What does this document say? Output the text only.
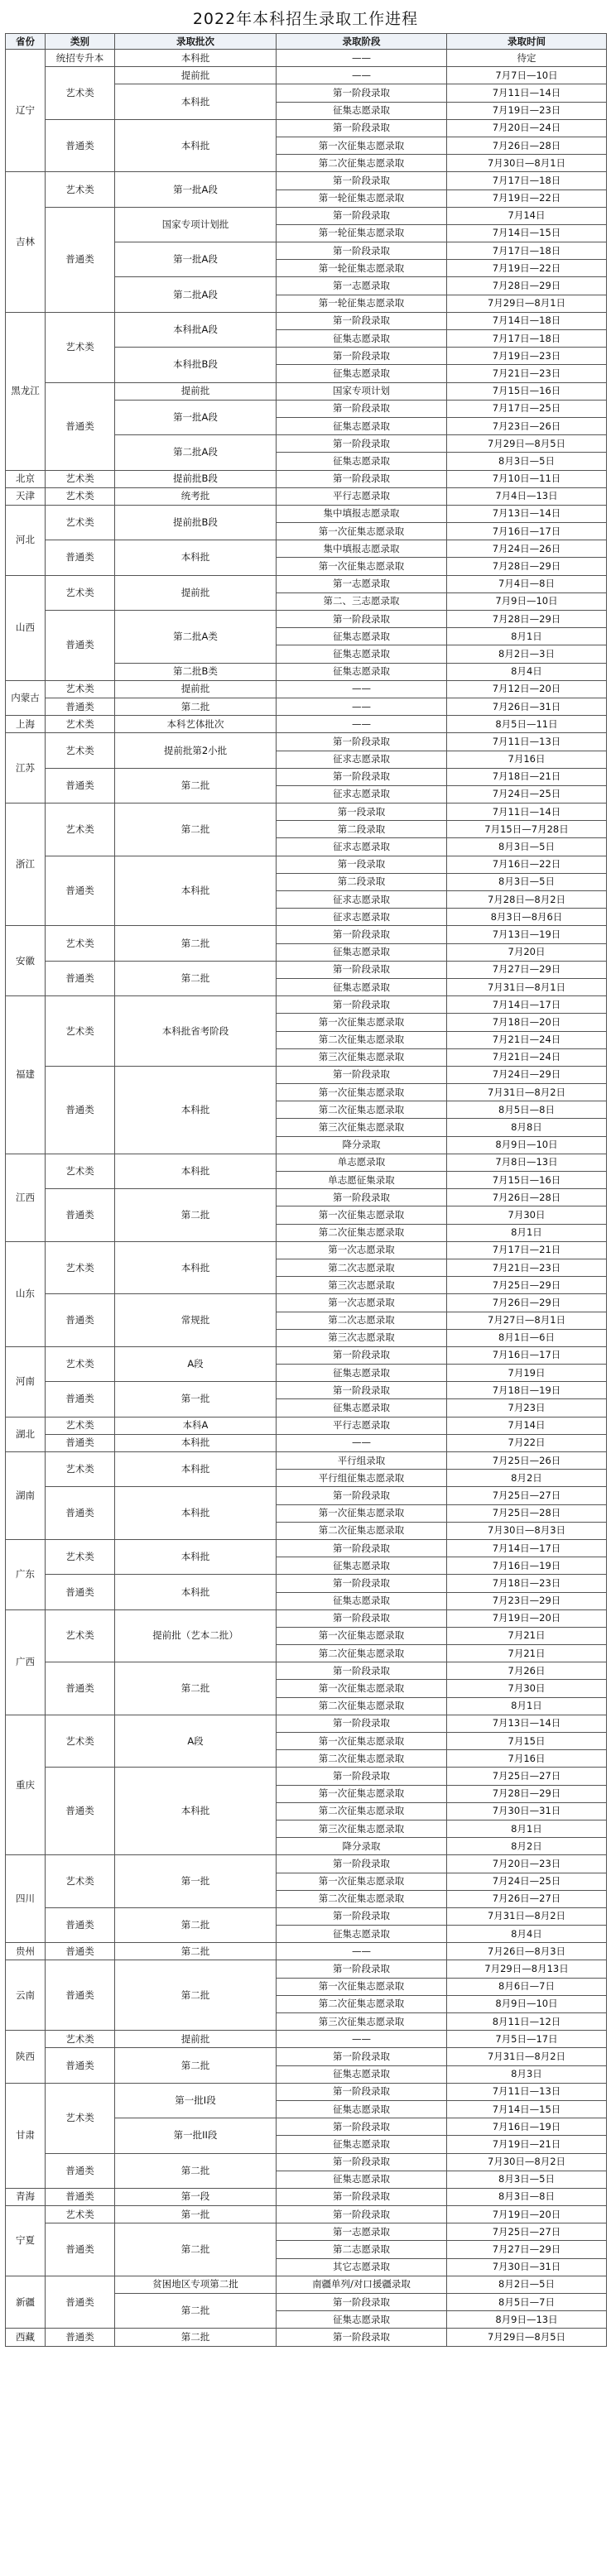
2022年本科招生录取工作进程
省份	类别	录取批次	录取阶段	录取时间
辽宁	统招专升本	本科批	——	待定
	艺术类	提前批	——	7月7日—10日
		本科批	第一阶段录取	7月11日—14日
			征集志愿录取	7月19日—23日
	普通类	本科批	第一阶段录取	7月20日—24日
			第一次征集志愿录取	7月26日—28日
			第二次征集志愿录取	7月30日—8月1日
吉林	艺术类	第一批A段	第一阶段录取	7月17日—18日
			第一轮征集志愿录取	7月19日—22日
	普通类	国家专项计划批	第一阶段录取	7月14日
			第一轮征集志愿录取	7月14日—15日
		第一批A段	第一阶段录取	7月17日—18日
			第一轮征集志愿录取	7月19日—22日
		第二批A段	第一志愿录取	7月28日—29日
			第一轮征集志愿录取	7月29日—8月1日
黑龙江	艺术类	本科批A段	第一阶段录取	7月14日—18日
			征集志愿录取	7月17日—18日
		本科批B段	第一阶段录取	7月19日—23日
			征集志愿录取	7月21日—23日
	普通类	提前批	国家专项计划	7月15日—16日
		第一批A段	第一阶段录取	7月17日—25日
			征集志愿录取	7月23日—26日
		第二批A段	第一阶段录取	7月29日—8月5日
			征集志愿录取	8月3日—5日
北京	艺术类	提前批B段	第一阶段录取	7月10日—11日
天津	艺术类	统考批	平行志愿录取	7月4日—13日
河北	艺术类	提前批B段	集中填报志愿录取	7月13日—14日
			第一次征集志愿录取	7月16日—17日
	普通类	本科批	集中填报志愿录取	7月24日—26日
			第一次征集志愿录取	7月28日—29日
山西	艺术类	提前批	第一志愿录取	7月4日—8日
			第二、三志愿录取	7月9日—10日
	普通类	第二批A类	第一阶段录取	7月28日—29日
			征集志愿录取	8月1日
			征集志愿录取	8月2日—3日
		第二批B类	征集志愿录取	8月4日
内蒙古	艺术类	提前批	——	7月12日—20日
	普通类	第二批	——	7月26日—31日
上海	艺术类	本科艺体批次	——	8月5日—11日
江苏	艺术类	提前批第2小批	第一阶段录取	7月11日—13日
			征求志愿录取	7月16日
	普通类	第二批	第一阶段录取	7月18日—21日
			征求志愿录取	7月24日—25日
浙江	艺术类	第二批	第一段录取	7月11日—14日
			第二段录取	7月15日—7月28日
			征求志愿录取	8月3日—5日
	普通类	本科批	第一段录取	7月16日—22日
			第二段录取	8月3日—5日
			征求志愿录取	7月28日—8月2日
			征求志愿录取	8月3日—8月6日
安徽	艺术类	第二批	第一阶段录取	7月13日—19日
			征集志愿录取	7月20日
	普通类	第二批	第一阶段录取	7月27日—29日
			征集志愿录取	7月31日—8月1日
福建	艺术类	本科批省考阶段	第一阶段录取	7月14日—17日
			第一次征集志愿录取	7月18日—20日
			第二次征集志愿录取	7月21日—24日
			第三次征集志愿录取	7月21日—24日
	普通类	本科批	第一阶段录取	7月24日—29日
			第一次征集志愿录取	7月31日—8月2日
			第二次征集志愿录取	8月5日—8日
			第三次征集志愿录取	8月8日
			降分录取	8月9日—10日
江西	艺术类	本科批	单志愿录取	7月8日—13日
			单志愿征集录取	7月15日—16日
	普通类	第二批	第一阶段录取	7月26日—28日
			第一次征集志愿录取	7月30日
			第二次征集志愿录取	8月1日
山东	艺术类	本科批	第一次志愿录取	7月17日—21日
			第二次志愿录取	7月21日—23日
			第三次志愿录取	7月25日—29日
	普通类	常规批	第一次志愿录取	7月26日—29日
			第二次志愿录取	7月27日—8月1日
			第三次志愿录取	8月1日—6日
河南	艺术类	A段	第一阶段录取	7月16日—17日
			征集志愿录取	7月19日
	普通类	第一批	第一阶段录取	7月18日—19日
			征集志愿录取	7月23日
湖北	艺术类	本科A	平行志愿录取	7月14日
	普通类	本科批	——	7月22日
湖南	艺术类	本科批	平行组录取	7月25日—26日
			平行组征集志愿录取	8月2日
	普通类	本科批	第一阶段录取	7月25日—27日
			第一次征集志愿录取	7月25日—28日
			第二次征集志愿录取	7月30日—8月3日
广东	艺术类	本科批	第一阶段录取	7月14日—17日
			征集志愿录取	7月16日—19日
	普通类	本科批	第一阶段录取	7月18日—23日
			征集志愿录取	7月23日—29日
广西	艺术类	提前批（艺本二批）	第一阶段录取	7月19日—20日
			第一次征集志愿录取	7月21日
			第二次征集志愿录取	7月21日
	普通类	第二批	第一阶段录取	7月26日
			第一次征集志愿录取	7月30日
			第二次征集志愿录取	8月1日
重庆	艺术类	A段	第一阶段录取	7月13日—14日
			第一次征集志愿录取	7月15日
			第二次征集志愿录取	7月16日
	普通类	本科批	第一阶段录取	7月25日—27日
			第一次征集志愿录取	7月28日—29日
			第二次征集志愿录取	7月30日—31日
			第三次征集志愿录取	8月1日
			降分录取	8月2日
四川	艺术类	第一批	第一阶段录取	7月20日—23日
			第一次征集志愿录取	7月24日—25日
			第二次征集志愿录取	7月26日—27日
	普通类	第二批	第一阶段录取	7月31日—8月2日
			征集志愿录取	8月4日
贵州	普通类	第二批	——	7月26日—8月3日
云南	普通类	第二批	第一阶段录取	7月29日—8月13日
			第一次征集志愿录取	8月6日—7日
			第二次征集志愿录取	8月9日—10日
			第三次征集志愿录取	8月11日—12日
陕西	艺术类	提前批	——	7月5日—17日
	普通类	第二批	第一阶段录取	7月31日—8月2日
			征集志愿录取	8月3日
甘肃	艺术类	第一批I段	第一阶段录取	7月11日—13日
			征集志愿录取	7月14日—15日
		第一批II段	第一阶段录取	7月16日—19日
			征集志愿录取	7月19日—21日
	普通类	第二批	第一阶段录取	7月30日—8月2日
			征集志愿录取	8月3日—5日
青海	普通类	第一段	第一阶段录取	8月3日—8日
宁夏	艺术类	第一批	第一阶段录取	7月19日—20日
	普通类	第二批	第一志愿录取	7月25日—27日
			第二志愿录取	7月27日—29日
			其它志愿录取	7月30日—31日
新疆	普通类	贫困地区专项第二批	南疆单列/对口援疆录取	8月2日—5日
		第二批	第一阶段录取	8月5日—7日
			征集志愿录取	8月9日—13日
西藏	普通类	第二批	第一阶段录取	7月29日—8月5日
